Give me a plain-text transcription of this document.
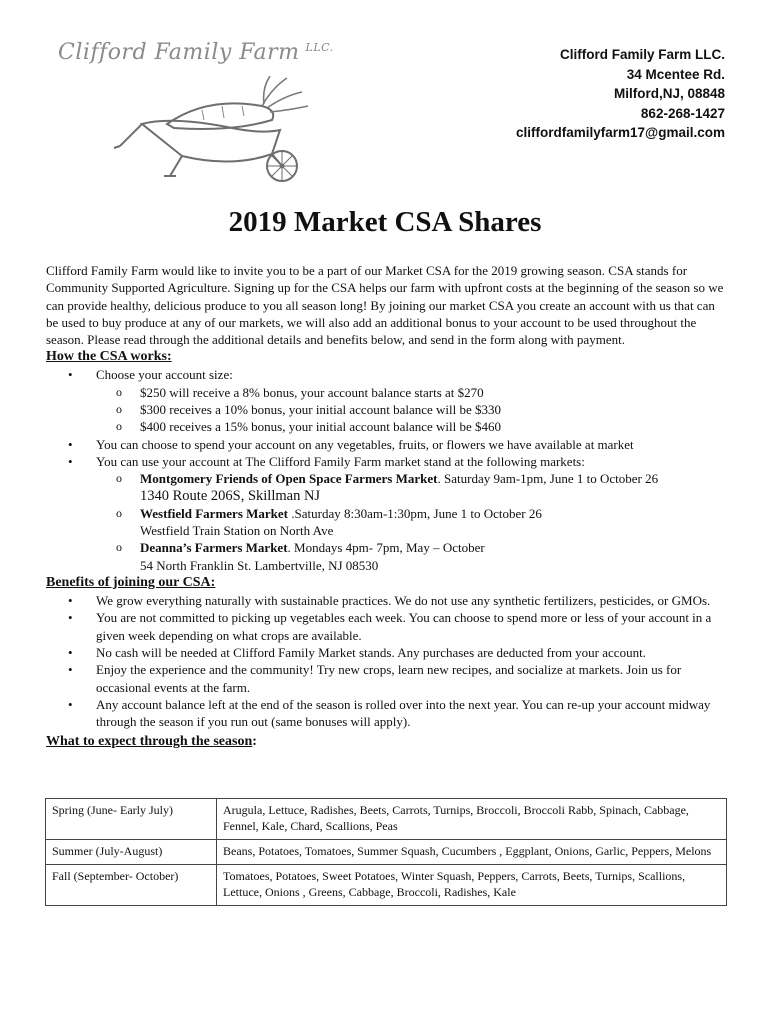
Clifford Family Farm $^{LLC.}$	Clifford Family Farm LLC.
34 Mcentee Rd.
Milford,NJ, 08848
862-268-1427
cliffordfamilyfarm17@gmail.com
2019 Market CSA Shares

Clifford Family Farm would like to invite you to be a part of our Market CSA for the 2019 growing season. CSA stands for Community Supported Agriculture. Signing up for the CSA helps our farm with upfront costs at the beginning of the season so we can provide healthy, delicious produce to you all season long! By joining our market CSA you create an account with us that can be used to buy produce at any of our markets, we will also add an additional bonus to your account to be used throughout the season. Please read through the additional details and benefits below, and send in the form along with payment.

How the CSA works:

• Choose your account size:
o $250 will receive a 8% bonus, your account balance starts at $270
o $300 receives a 10% bonus, your initial account balance will be $330
o $400 receives a 15% bonus, your initial account balance will be $460
• You can choose to spend your account on any vegetables, fruits, or flowers we have available at market
• You can use your account at The Clifford Family Farm market stand at the following markets:
o Montgomery Friends of Open Space Farmers Market. Saturday 9am-1pm, June 1 to October 26
1340 Route 206S, Skillman NJ
o Westfield Farmers Market .Saturday 8:30am-1:30pm, June 1 to October 26
Westfield Train Station on North Ave
o Deanna’s Farmers Market. Mondays 4pm- 7pm, May – October
54 North Franklin St. Lambertville, NJ 08530

Benefits of joining our CSA:

• We grow everything naturally with sustainable practices. We do not use any synthetic fertilizers, pesticides, or GMOs.
• You are not committed to picking up vegetables each week. You can choose to spend more or less of your account in a given week depending on what crops are available.
• No cash will be needed at Clifford Family Market stands. Any purchases are deducted from your account.
• Enjoy the experience and the community! Try new crops, learn new recipes, and socialize at markets. Join us for occasional events at the farm.
• Any account balance left at the end of the season is rolled over into the next year. You can re-up your account midway through the season if you run out (same bonuses will apply).

What to expect through the season:

Spring (June- Early July)	Arugula, Lettuce, Radishes, Beets, Carrots, Turnips, Broccoli, Broccoli Rabb, Spinach, Cabbage, Fennel, Kale, Chard, Scallions, Peas
Summer (July-August)	Beans, Potatoes, Tomatoes, Summer Squash, Cucumbers , Eggplant, Onions, Garlic, Peppers, Melons
Fall (September- October)	Tomatoes, Potatoes, Sweet Potatoes, Winter Squash, Peppers, Carrots, Beets, Turnips, Scallions, Lettuce, Onions , Greens, Cabbage, Broccoli, Radishes, Kale
